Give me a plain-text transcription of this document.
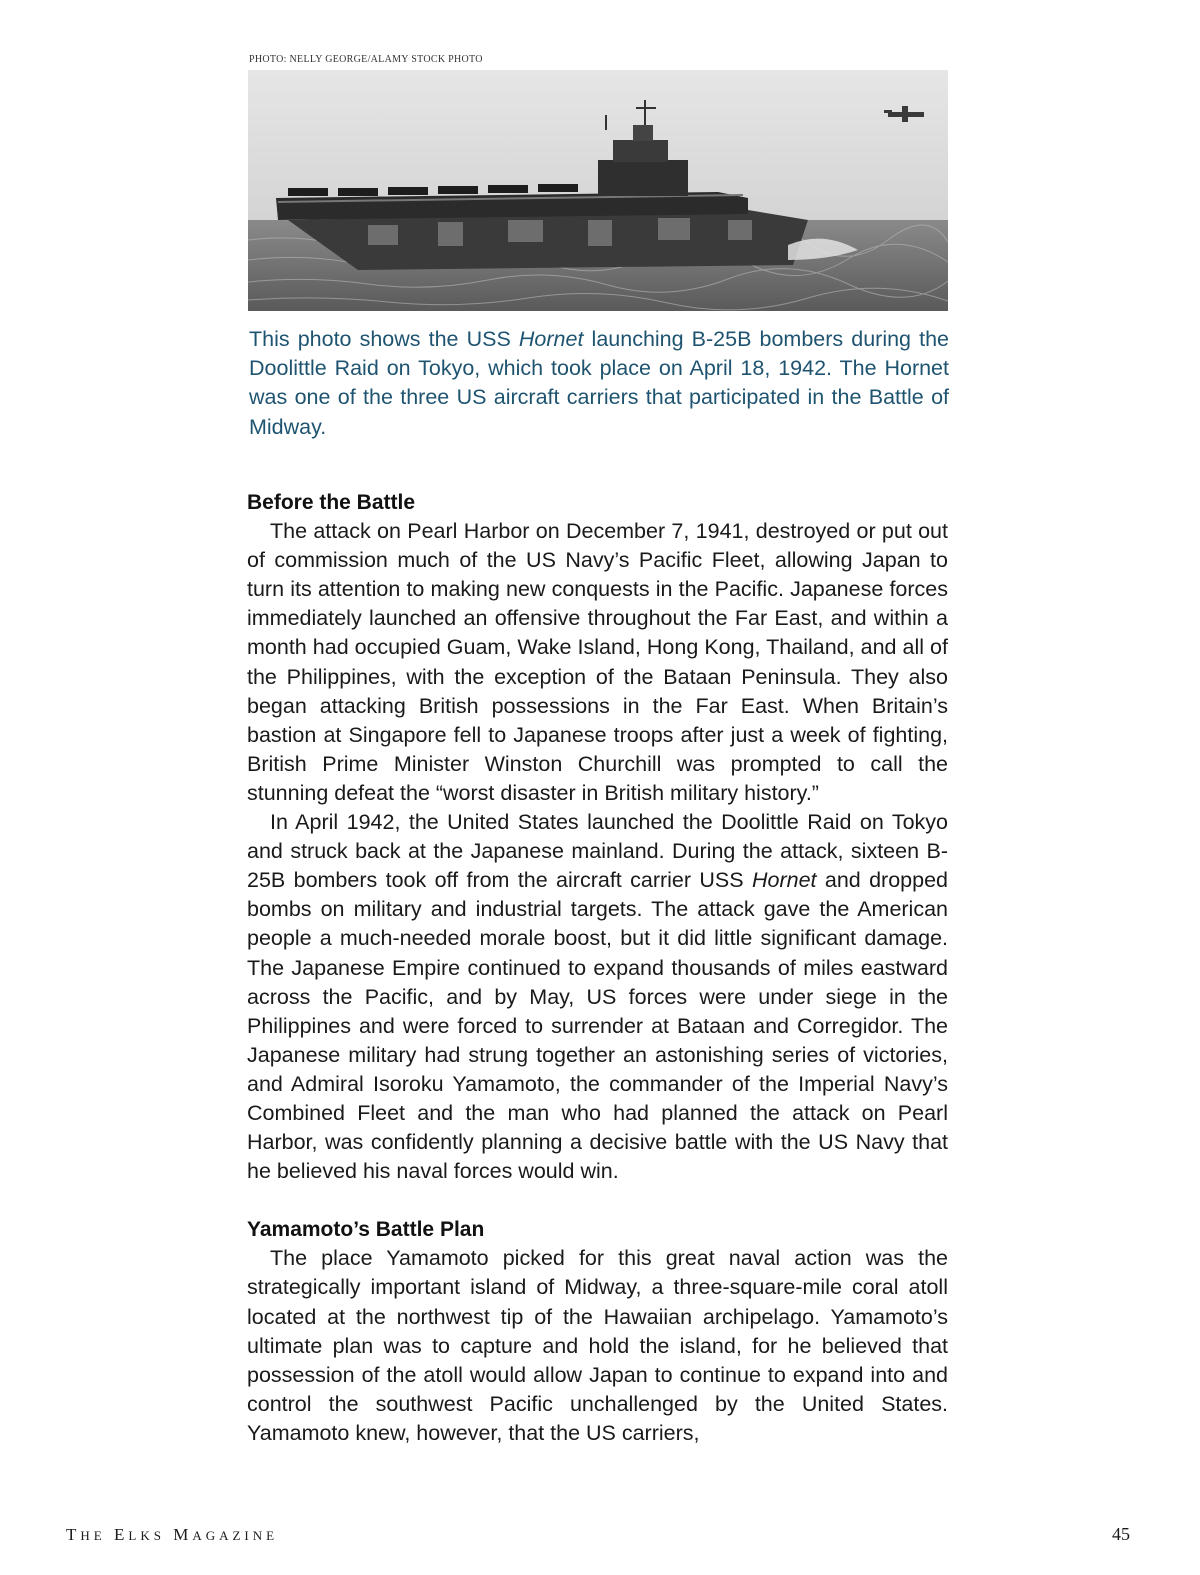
PHOTO: NELLY GEORGE/ALAMY STOCK PHOTO

This photo shows the USS Hornet launching B-25B bombers during the Doolittle Raid on Tokyo, which took place on April 18, 1942. The Hornet was one of the three US aircraft carriers that participated in the Battle of Midway.

Before the Battle

The attack on Pearl Harbor on December 7, 1941, destroyed or put out of commission much of the US Navy’s Pacific Fleet, allowing Japan to turn its attention to making new conquests in the Pacific. Japanese forces immediately launched an offensive throughout the Far East, and within a month had occupied Guam, Wake Island, Hong Kong, Thailand, and all of the Philippines, with the exception of the Bataan Peninsula. They also began attacking British possessions in the Far East. When Britain’s bastion at Singapore fell to Japanese troops after just a week of fighting, British Prime Minister Winston Churchill was prompted to call the stunning defeat the “worst disaster in British military history.”

In April 1942, the United States launched the Doolittle Raid on Tokyo and struck back at the Japanese mainland. During the attack, sixteen B-25B bombers took off from the aircraft carrier USS Hornet and dropped bombs on military and industrial targets. The attack gave the American people a much-needed morale boost, but it did little significant damage. The Japanese Empire continued to expand thousands of miles eastward across the Pacific, and by May, US forces were under siege in the Philippines and were forced to surrender at Bataan and Corregidor. The Japanese military had strung together an astonishing series of victories, and Admiral Isoroku Yamamoto, the commander of the Imperial Navy’s Combined Fleet and the man who had planned the attack on Pearl Harbor, was confidently planning a decisive battle with the US Navy that he believed his naval forces would win.

Yamamoto’s Battle Plan

The place Yamamoto picked for this great naval action was the strategically important island of Midway, a three-square-mile coral atoll located at the northwest tip of the Hawaiian archipelago. Yamamoto’s ultimate plan was to capture and hold the island, for he believed that possession of the atoll would allow Japan to continue to expand into and control the southwest Pacific unchallenged by the United States. Yamamoto knew, however, that the US carriers,

THE ELKS MAGAZINE	45
